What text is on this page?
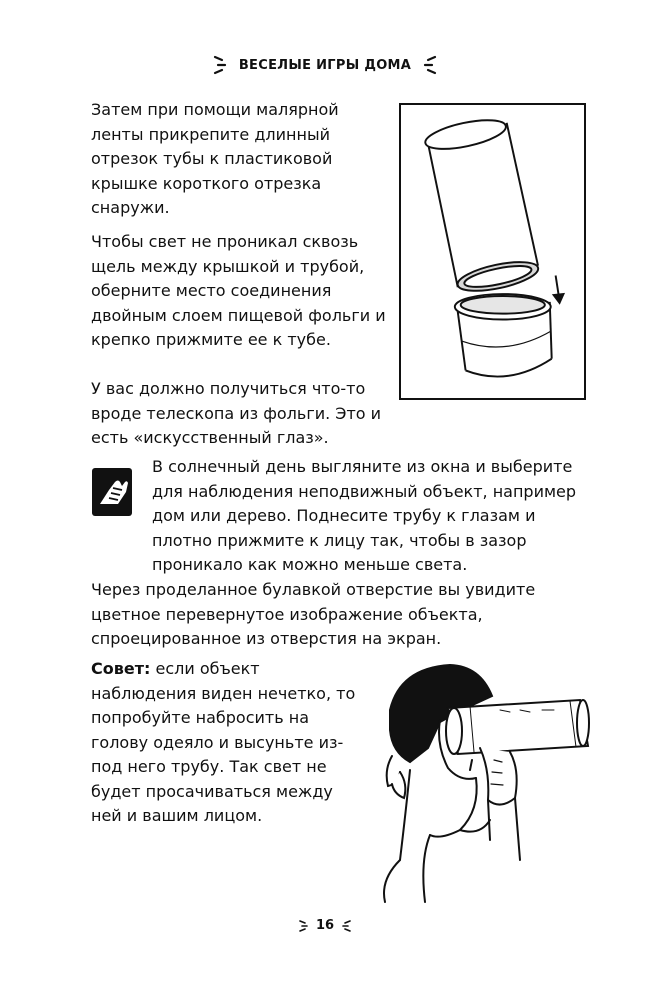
ВЕСЕЛЫЕ ИГРЫ ДОМА

Затем при помощи малярной ленты прикрепите длинный отрезок тубы к пластиковой крышке короткого отрезка снаружи.

Чтобы свет не проникал сквозь щель между крышкой и трубой, оберните место соединения двойным слоем пищевой фольги и крепко прижмите ее к тубе.

У вас должно получиться что-то вроде телескопа из фольги. Это и есть «искусственный глаз».

В солнечный день выгляните из окна и выберите для наблюдения неподвижный объект, например дом или дерево. Поднесите трубу к глазам и плотно прижмите к лицу так, чтобы в зазор проникало как можно меньше света.

Через проделанное булавкой отверстие вы увидите цветное перевернутое изображение объекта, спроецированное из отверстия на экран.

Совет: если объект наблюдения виден нечетко, то попробуйте набросить на голову одеяло и высуньте из-под него трубу. Так свет не будет просачиваться между ней и вашим лицом.

16
